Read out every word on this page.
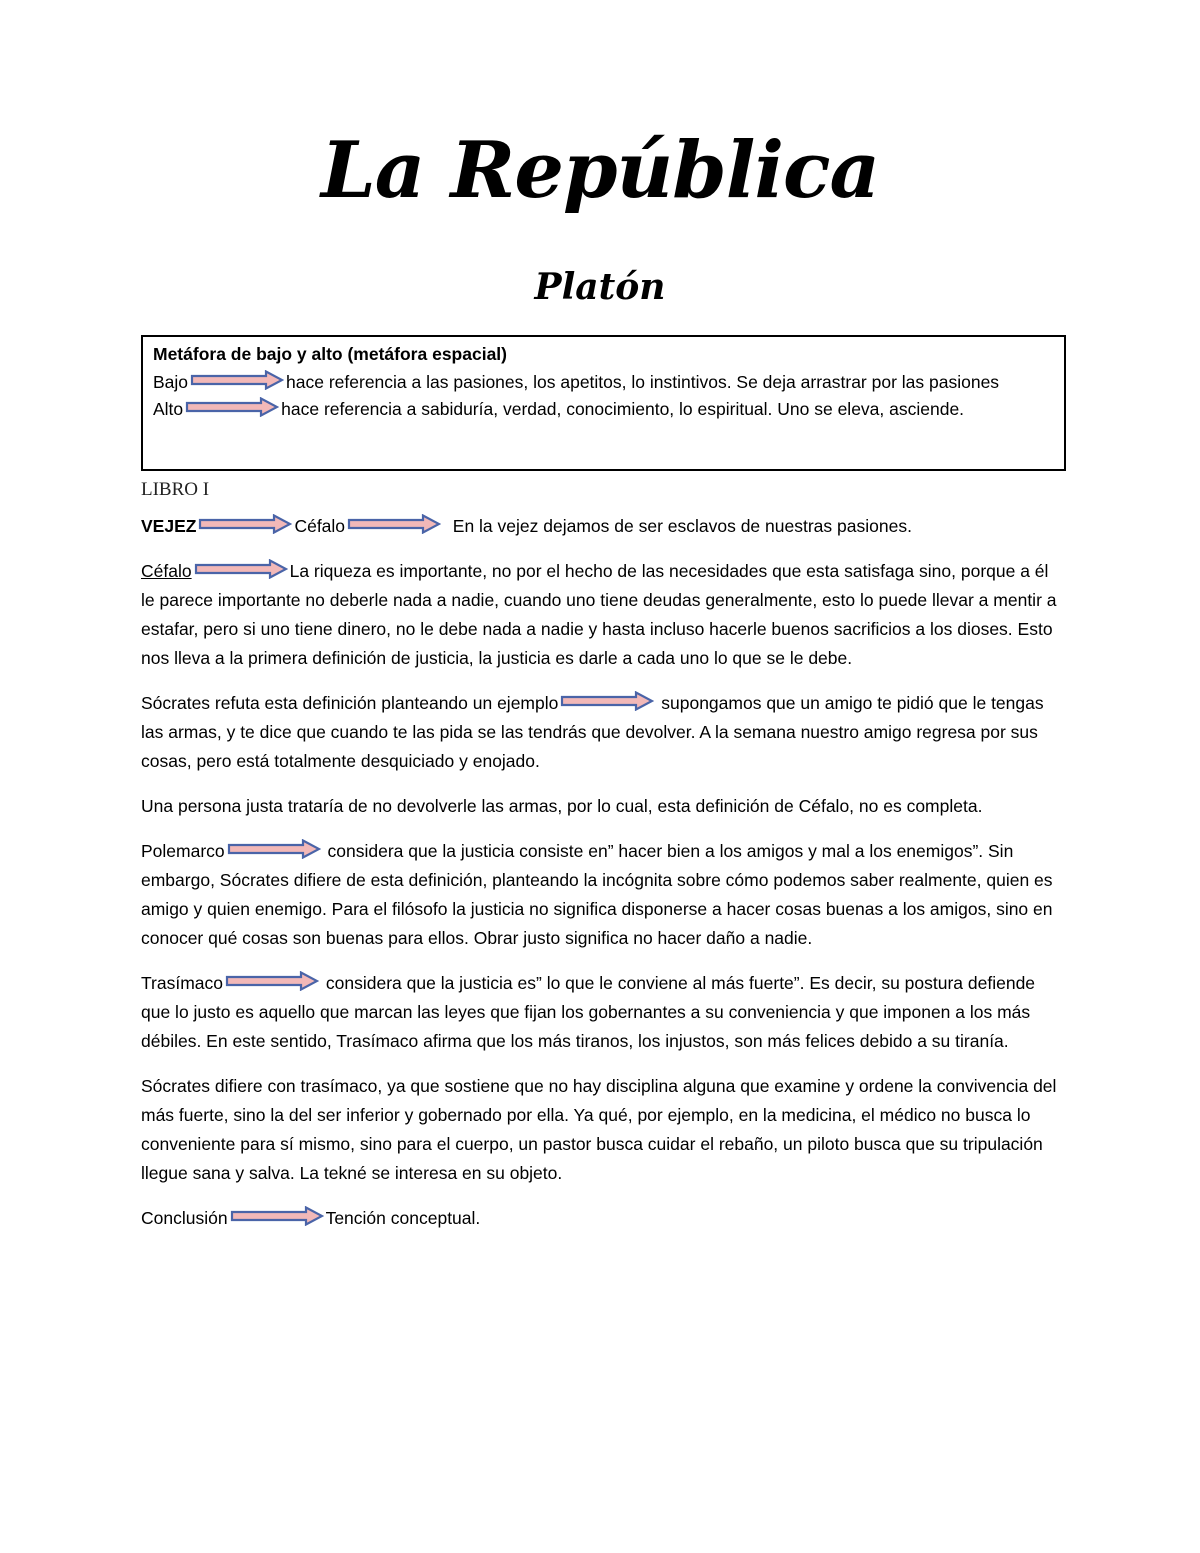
La República
Platón
Metáfora de bajo y alto (metáfora espacial)
Bajo	hace referencia a las pasiones, los apetitos, lo instintivos. Se deja arrastrar por las pasiones
Alto	hace referencia a sabiduría, verdad, conocimiento, lo espiritual. Uno se eleva, asciende.
LIBRO I

VEJEZ	Céfalo	En la vejez dejamos de ser esclavos de nuestras pasiones.

Céfalo	La riqueza es importante, no por el hecho de las necesidades que esta satisfaga sino, porque a él le parece importante no deberle nada a nadie, cuando uno tiene deudas generalmente, esto lo puede llevar a mentir a estafar, pero si uno tiene dinero, no le debe nada a nadie y hasta incluso hacerle buenos sacrificios a los dioses. Esto nos lleva a la primera definición de justicia, la justicia es darle a cada uno lo que se le debe.

Sócrates refuta esta definición planteando un ejemplo	supongamos que un amigo te pidió que le tengas las armas, y te dice que cuando te las pida se las tendrás que devolver. A la semana nuestro amigo regresa por sus cosas, pero está totalmente desquiciado y enojado.

Una persona justa trataría de no devolverle las armas, por lo cual, esta definición de Céfalo, no es completa.

Polemarco	considera que la justicia consiste en” hacer bien a los amigos y mal a los enemigos”. Sin embargo, Sócrates difiere de esta definición, planteando la incógnita sobre cómo podemos saber realmente, quien es amigo y quien enemigo. Para el filósofo la justicia no significa disponerse a hacer cosas buenas a los amigos, sino en conocer qué cosas son buenas para ellos. Obrar justo significa no hacer daño a nadie.

Trasímaco	considera que la justicia es” lo que le conviene al más fuerte”. Es decir, su postura defiende que lo justo es aquello que marcan las leyes que fijan los gobernantes a su conveniencia y que imponen a los más débiles. En este sentido, Trasímaco afirma que los más tiranos, los injustos, son más felices debido a su tiranía.

Sócrates difiere con trasímaco, ya que sostiene que no hay disciplina alguna que examine y ordene la convivencia del más fuerte, sino la del ser inferior y gobernado por ella. Ya qué, por ejemplo, en la medicina, el médico no busca lo conveniente para sí mismo, sino para el cuerpo, un pastor busca cuidar el rebaño, un piloto busca que su tripulación llegue sana y salva. La tekné se interesa en su objeto.

Conclusión	Tención conceptual.
